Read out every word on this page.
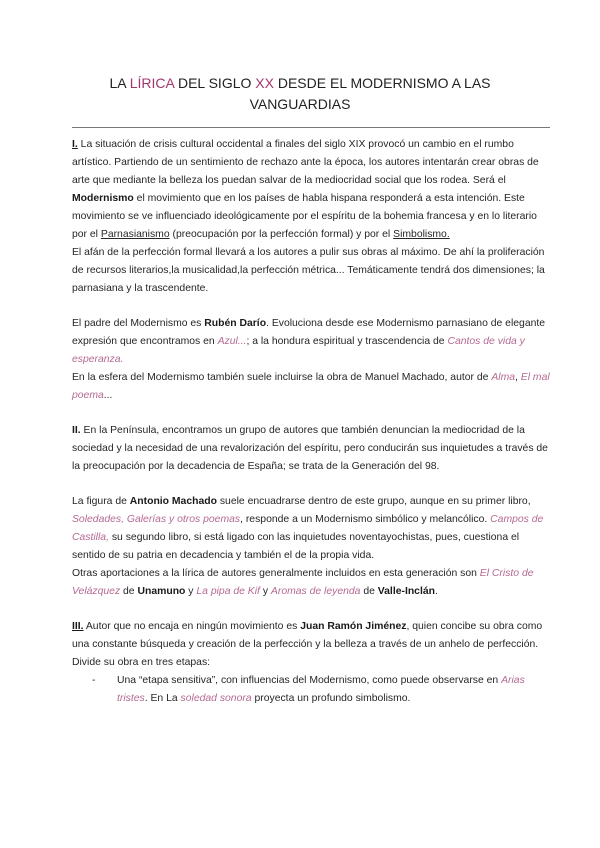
LA LÍRICA DEL SIGLO XX DESDE EL MODERNISMO A LAS VANGUARDIAS

I. La situación de crisis cultural occidental a finales del siglo XIX provocó un cambio en el rumbo artístico. Partiendo de un sentimiento de rechazo ante la época, los autores intentarán crear obras de arte que mediante la belleza los puedan salvar de la mediocridad social que los rodea. Será el Modernismo el movimiento que en los países de habla hispana responderá a esta intención. Este movimiento se ve influenciado ideológicamente por el espíritu de la bohemia francesa y en lo literario por el Parnasianismo (preocupación por la perfección formal) y por el Simbolismo.

El afán de la perfección formal llevará a los autores a pulir sus obras al máximo. De ahí la proliferación de recursos literarios,la musicalidad,la perfección métrica... Temáticamente tendrá dos dimensiones; la parnasiana y la trascendente.

El padre del Modernismo es Rubén Darío. Evoluciona desde ese Modernismo parnasiano de elegante expresión que encontramos en Azul...; a la hondura espiritual y trascendencia de Cantos de vida y esperanza.

En la esfera del Modernismo también suele incluirse la obra de Manuel Machado, autor de Alma, El mal poema...

II. En la Península, encontramos un grupo de autores que también denuncian la mediocridad de la sociedad y la necesidad de una revalorización del espíritu, pero conducirán sus inquietudes a través de la preocupación por la decadencia de España; se trata de la Generación del 98.

La figura de Antonio Machado suele encuadrarse dentro de este grupo, aunque en su primer libro, Soledades, Galerías y otros poemas, responde a un Modernismo simbólico y melancólico. Campos de Castilla, su segundo libro, si está ligado con las inquietudes noventayochistas, pues, cuestiona el sentido de su patria en decadencia y también el de la propia vida.

Otras aportaciones a la lírica de autores generalmente incluidos en esta generación son El Cristo de Velázquez de Unamuno y La pipa de Kif y Aromas de leyenda de Valle-Inclán.

III. Autor que no encaja en ningún movimiento es Juan Ramón Jiménez, quien concibe su obra como una constante búsqueda y creación de la perfección y la belleza a través de un anhelo de perfección. Divide su obra en tres etapas:

-	Una “etapa sensitiva”, con influencias del Modernismo, como puede observarse en Arias tristes. En La soledad sonora proyecta un profundo simbolismo.
